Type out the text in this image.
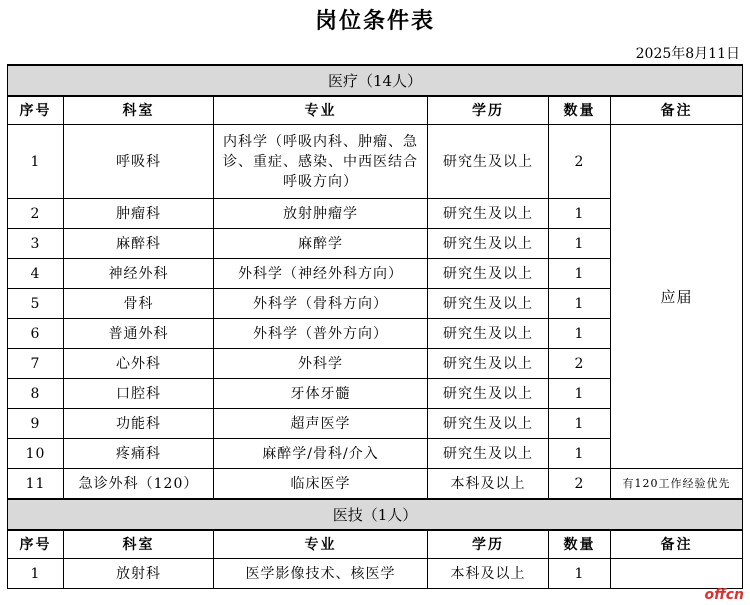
岗位条件表
2025年8月11日
医疗（14人）					
序号	科室	专业	学历	数量	备注
1	呼吸科	内科学（呼吸内科、肿瘤、急诊、重症、感染、中西医结合呼吸方向）	研究生及以上	2	应届
2	肿瘤科	放射肿瘤学	研究生及以上	1	
3	麻醉科	麻醉学	研究生及以上	1	
4	神经外科	外科学（神经外科方向）	研究生及以上	1	
5	骨科	外科学（骨科方向）	研究生及以上	1	
6	普通外科	外科学（普外方向）	研究生及以上	1	
7	心外科	外科学	研究生及以上	2	
8	口腔科	牙体牙髓	研究生及以上	1	
9	功能科	超声医学	研究生及以上	1	
10	疼痛科	麻醉学/骨科/介入	研究生及以上	1	
11	急诊外科（120）	临床医学	本科及以上	2	有120工作经验优先
医技（1人）					
序号	科室	专业	学历	数量	备注
1	放射科	医学影像技术、核医学	本科及以上	1	
offcn
